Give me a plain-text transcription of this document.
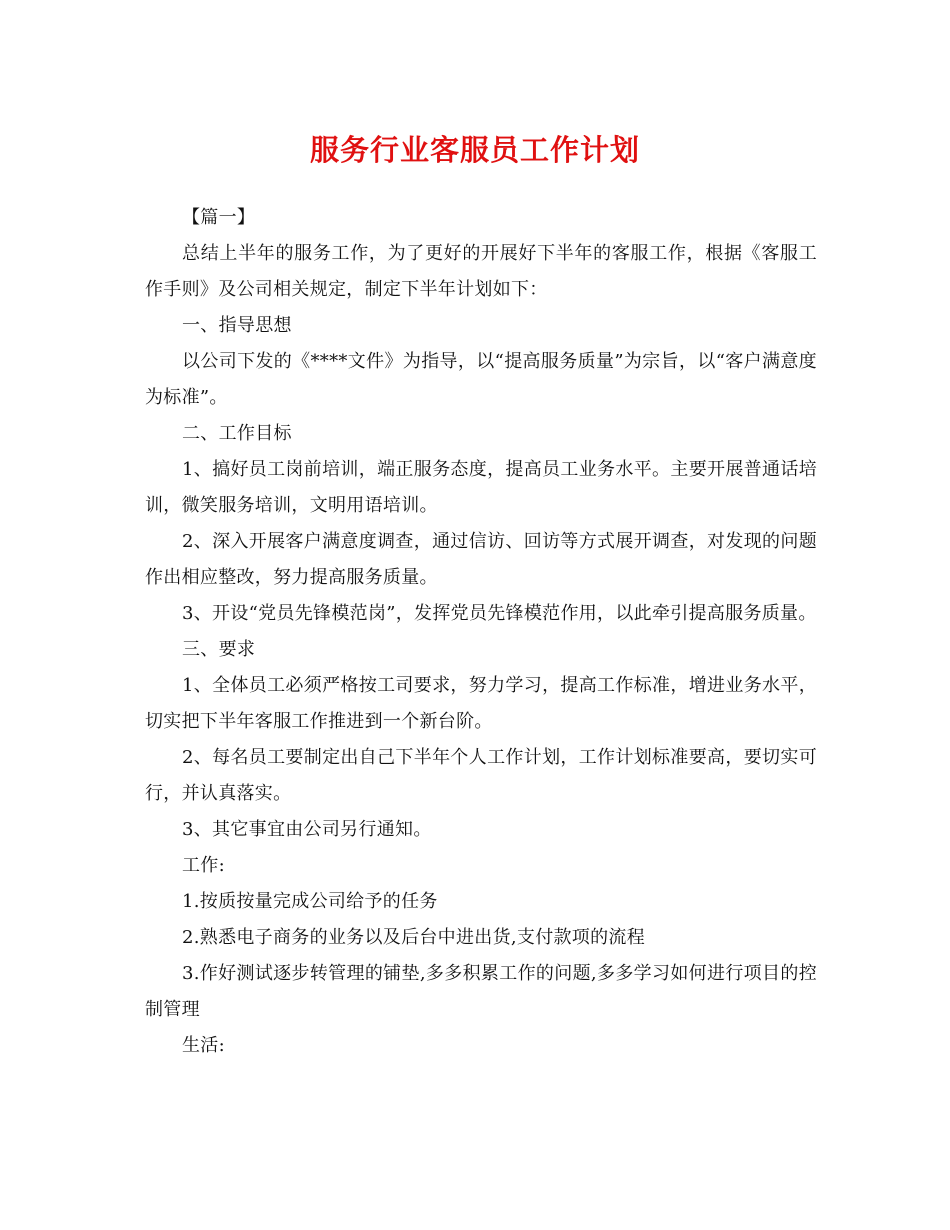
服务行业客服员工作计划

【篇一】

总结上半年的服务工作，为了更好的开展好下半年的客服工作，根据《客服工作手则》及公司相关规定，制定下半年计划如下：

一、指导思想

以公司下发的《****文件》为指导，以“提高服务质量”为宗旨，以“客户满意度为标准”。

二、工作目标

1、搞好员工岗前培训，端正服务态度，提高员工业务水平。主要开展普通话培训，微笑服务培训，文明用语培训。

2、深入开展客户满意度调查，通过信访、回访等方式展开调查，对发现的问题作出相应整改，努力提高服务质量。

3、开设“党员先锋模范岗”，发挥党员先锋模范作用，以此牵引提高服务质量。

三、要求

1、全体员工必须严格按工司要求，努力学习，提高工作标准，增进业务水平，切实把下半年客服工作推进到一个新台阶。

2、每名员工要制定出自己下半年个人工作计划，工作计划标准要高，要切实可行，并认真落实。

3、其它事宜由公司另行通知。

工作:

1.按质按量完成公司给予的任务

2.熟悉电子商务的业务以及后台中进出货,支付款项的流程

3.作好测试逐步转管理的铺垫,多多积累工作的问题,多多学习如何进行项目的控制管理

生活:
